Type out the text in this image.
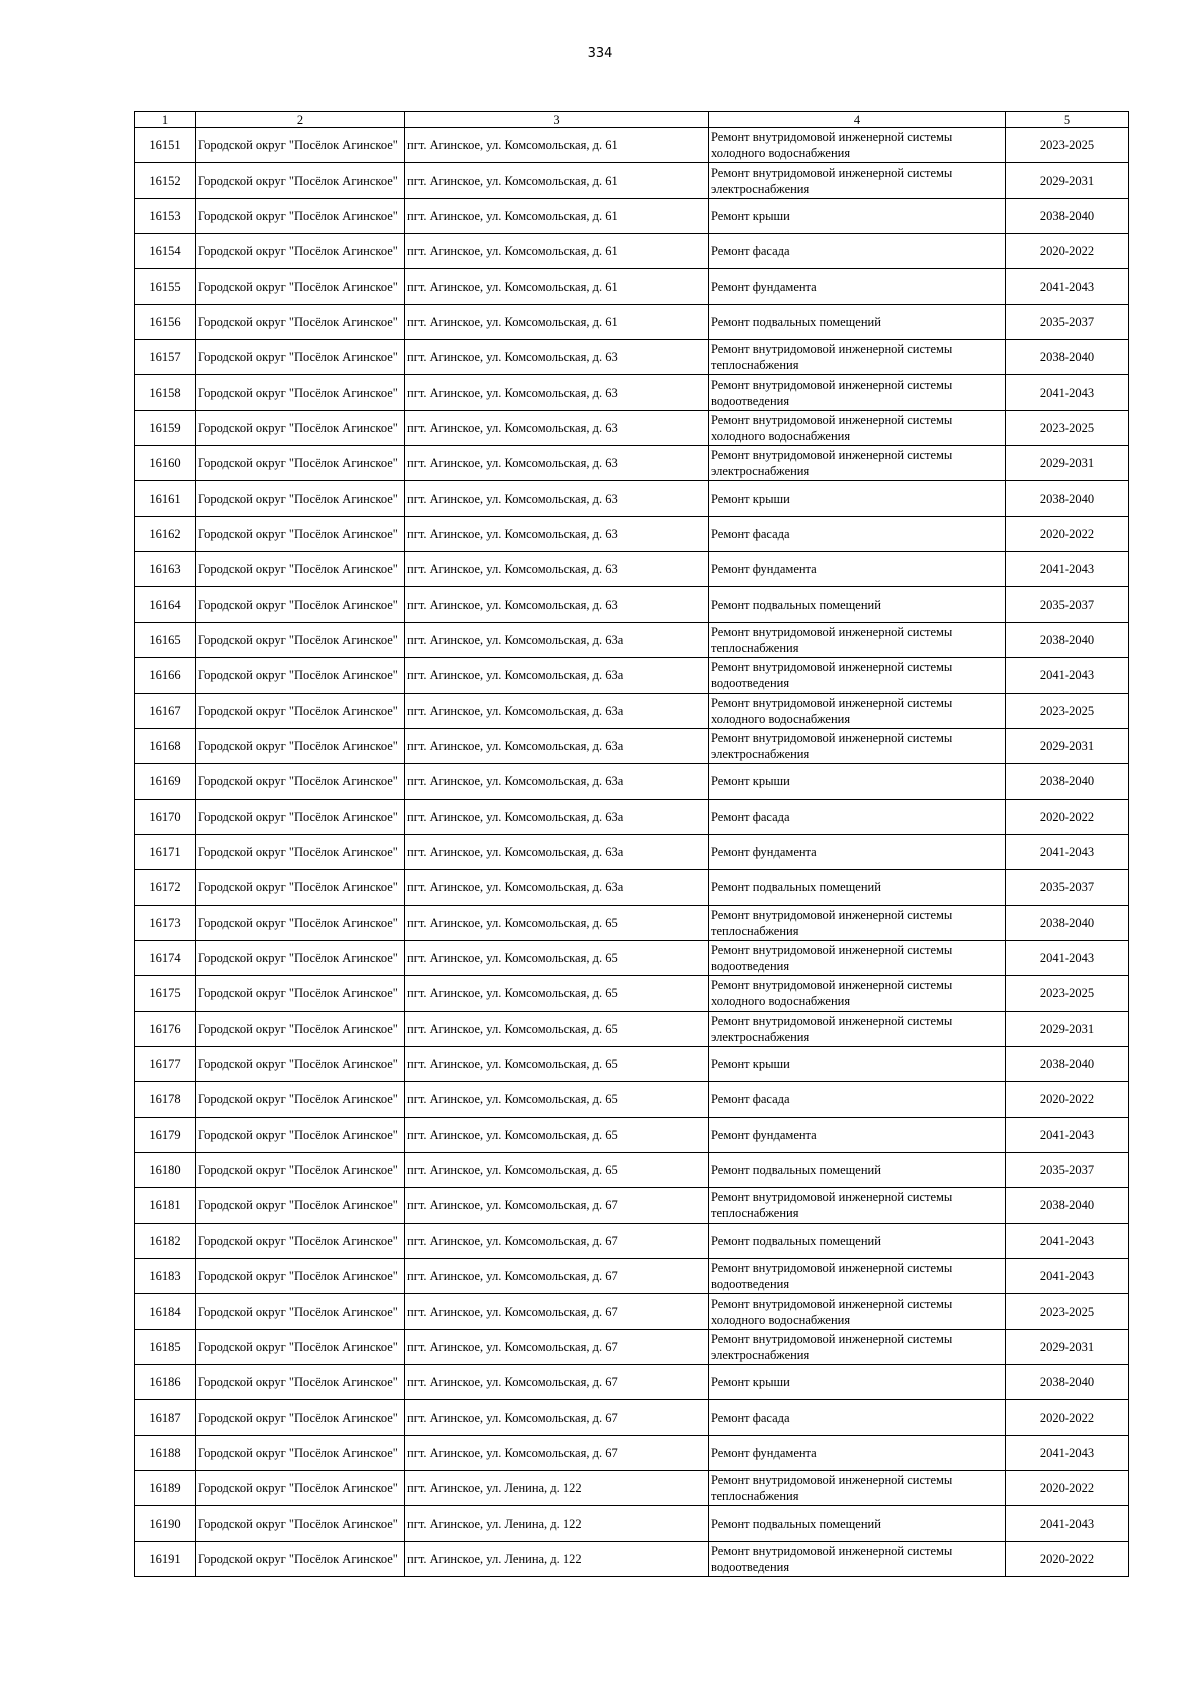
334
1	2	3	4	5
16151	Городской округ "Посёлок Агинское"	пгт. Агинское, ул. Комсомольская, д. 61	Ремонт внутридомовой инженерной системы холодного водоснабжения	2023-2025
16152	Городской округ "Посёлок Агинское"	пгт. Агинское, ул. Комсомольская, д. 61	Ремонт внутридомовой инженерной системы электроснабжения	2029-2031
16153	Городской округ "Посёлок Агинское"	пгт. Агинское, ул. Комсомольская, д. 61	Ремонт крыши	2038-2040
16154	Городской округ "Посёлок Агинское"	пгт. Агинское, ул. Комсомольская, д. 61	Ремонт фасада	2020-2022
16155	Городской округ "Посёлок Агинское"	пгт. Агинское, ул. Комсомольская, д. 61	Ремонт фундамента	2041-2043
16156	Городской округ "Посёлок Агинское"	пгт. Агинское, ул. Комсомольская, д. 61	Ремонт подвальных помещений	2035-2037
16157	Городской округ "Посёлок Агинское"	пгт. Агинское, ул. Комсомольская, д. 63	Ремонт внутридомовой инженерной системы теплоснабжения	2038-2040
16158	Городской округ "Посёлок Агинское"	пгт. Агинское, ул. Комсомольская, д. 63	Ремонт внутридомовой инженерной системы водоотведения	2041-2043
16159	Городской округ "Посёлок Агинское"	пгт. Агинское, ул. Комсомольская, д. 63	Ремонт внутридомовой инженерной системы холодного водоснабжения	2023-2025
16160	Городской округ "Посёлок Агинское"	пгт. Агинское, ул. Комсомольская, д. 63	Ремонт внутридомовой инженерной системы электроснабжения	2029-2031
16161	Городской округ "Посёлок Агинское"	пгт. Агинское, ул. Комсомольская, д. 63	Ремонт крыши	2038-2040
16162	Городской округ "Посёлок Агинское"	пгт. Агинское, ул. Комсомольская, д. 63	Ремонт фасада	2020-2022
16163	Городской округ "Посёлок Агинское"	пгт. Агинское, ул. Комсомольская, д. 63	Ремонт фундамента	2041-2043
16164	Городской округ "Посёлок Агинское"	пгт. Агинское, ул. Комсомольская, д. 63	Ремонт подвальных помещений	2035-2037
16165	Городской округ "Посёлок Агинское"	пгт. Агинское, ул. Комсомольская, д. 63а	Ремонт внутридомовой инженерной системы теплоснабжения	2038-2040
16166	Городской округ "Посёлок Агинское"	пгт. Агинское, ул. Комсомольская, д. 63а	Ремонт внутридомовой инженерной системы водоотведения	2041-2043
16167	Городской округ "Посёлок Агинское"	пгт. Агинское, ул. Комсомольская, д. 63а	Ремонт внутридомовой инженерной системы холодного водоснабжения	2023-2025
16168	Городской округ "Посёлок Агинское"	пгт. Агинское, ул. Комсомольская, д. 63а	Ремонт внутридомовой инженерной системы электроснабжения	2029-2031
16169	Городской округ "Посёлок Агинское"	пгт. Агинское, ул. Комсомольская, д. 63а	Ремонт крыши	2038-2040
16170	Городской округ "Посёлок Агинское"	пгт. Агинское, ул. Комсомольская, д. 63а	Ремонт фасада	2020-2022
16171	Городской округ "Посёлок Агинское"	пгт. Агинское, ул. Комсомольская, д. 63а	Ремонт фундамента	2041-2043
16172	Городской округ "Посёлок Агинское"	пгт. Агинское, ул. Комсомольская, д. 63а	Ремонт подвальных помещений	2035-2037
16173	Городской округ "Посёлок Агинское"	пгт. Агинское, ул. Комсомольская, д. 65	Ремонт внутридомовой инженерной системы теплоснабжения	2038-2040
16174	Городской округ "Посёлок Агинское"	пгт. Агинское, ул. Комсомольская, д. 65	Ремонт внутридомовой инженерной системы водоотведения	2041-2043
16175	Городской округ "Посёлок Агинское"	пгт. Агинское, ул. Комсомольская, д. 65	Ремонт внутридомовой инженерной системы холодного водоснабжения	2023-2025
16176	Городской округ "Посёлок Агинское"	пгт. Агинское, ул. Комсомольская, д. 65	Ремонт внутридомовой инженерной системы электроснабжения	2029-2031
16177	Городской округ "Посёлок Агинское"	пгт. Агинское, ул. Комсомольская, д. 65	Ремонт крыши	2038-2040
16178	Городской округ "Посёлок Агинское"	пгт. Агинское, ул. Комсомольская, д. 65	Ремонт фасада	2020-2022
16179	Городской округ "Посёлок Агинское"	пгт. Агинское, ул. Комсомольская, д. 65	Ремонт фундамента	2041-2043
16180	Городской округ "Посёлок Агинское"	пгт. Агинское, ул. Комсомольская, д. 65	Ремонт подвальных помещений	2035-2037
16181	Городской округ "Посёлок Агинское"	пгт. Агинское, ул. Комсомольская, д. 67	Ремонт внутридомовой инженерной системы теплоснабжения	2038-2040
16182	Городской округ "Посёлок Агинское"	пгт. Агинское, ул. Комсомольская, д. 67	Ремонт подвальных помещений	2041-2043
16183	Городской округ "Посёлок Агинское"	пгт. Агинское, ул. Комсомольская, д. 67	Ремонт внутридомовой инженерной системы водоотведения	2041-2043
16184	Городской округ "Посёлок Агинское"	пгт. Агинское, ул. Комсомольская, д. 67	Ремонт внутридомовой инженерной системы холодного водоснабжения	2023-2025
16185	Городской округ "Посёлок Агинское"	пгт. Агинское, ул. Комсомольская, д. 67	Ремонт внутридомовой инженерной системы электроснабжения	2029-2031
16186	Городской округ "Посёлок Агинское"	пгт. Агинское, ул. Комсомольская, д. 67	Ремонт крыши	2038-2040
16187	Городской округ "Посёлок Агинское"	пгт. Агинское, ул. Комсомольская, д. 67	Ремонт фасада	2020-2022
16188	Городской округ "Посёлок Агинское"	пгт. Агинское, ул. Комсомольская, д. 67	Ремонт фундамента	2041-2043
16189	Городской округ "Посёлок Агинское"	пгт. Агинское, ул. Ленина, д. 122	Ремонт внутридомовой инженерной системы теплоснабжения	2020-2022
16190	Городской округ "Посёлок Агинское"	пгт. Агинское, ул. Ленина, д. 122	Ремонт подвальных помещений	2041-2043
16191	Городской округ "Посёлок Агинское"	пгт. Агинское, ул. Ленина, д. 122	Ремонт внутридомовой инженерной системы водоотведения	2020-2022
